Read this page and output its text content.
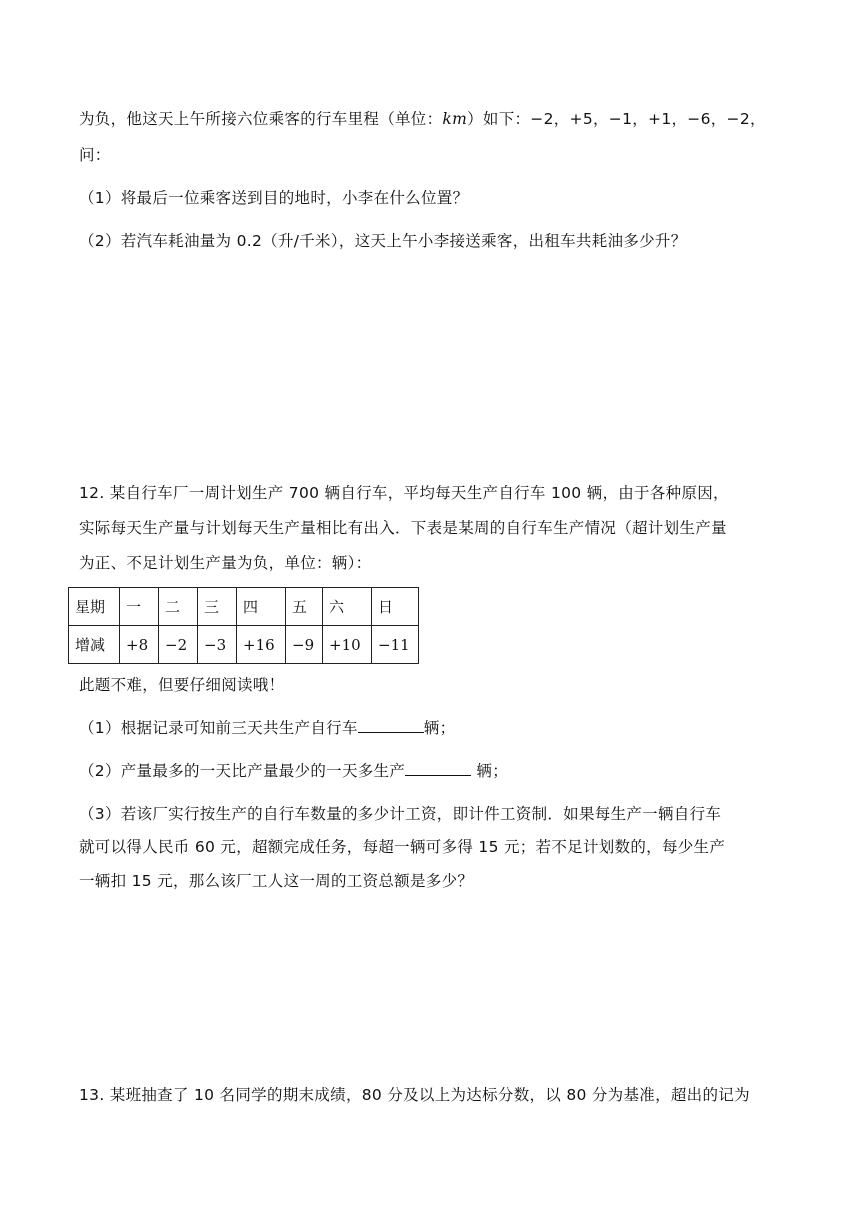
为负，他这天上午所接六位乘客的行车里程（单位：km）如下：−2，+5，−1，+1，−6，−2，
问：
（1）将最后一位乘客送到目的地时，小李在什么位置？
（2）若汽车耗油量为 0.2（升/千米），这天上午小李接送乘客，出租车共耗油多少升？
12. 某自行车厂一周计划生产 700 辆自行车，平均每天生产自行车 100 辆，由于各种原因，
实际每天生产量与计划每天生产量相比有出入．下表是某周的自行车生产情况（超计划生产量
为正、不足计划生产量为负，单位：辆）：
星期	一	二	三	四	五	六	日
增减	+8	−2	−3	+16	−9	+10	−11
此题不难，但要仔细阅读哦！
（1）根据记录可知前三天共生产自行车	辆；
（2）产量最多的一天比产量最少的一天多生产	辆；
（3）若该厂实行按生产的自行车数量的多少计工资，即计件工资制．如果每生产一辆自行车
就可以得人民币 60 元，超额完成任务，每超一辆可多得 15 元；若不足计划数的，每少生产
一辆扣 15 元，那么该厂工人这一周的工资总额是多少？
13. 某班抽查了 10 名同学的期末成绩，80 分及以上为达标分数，以 80 分为基准，超出的记为
